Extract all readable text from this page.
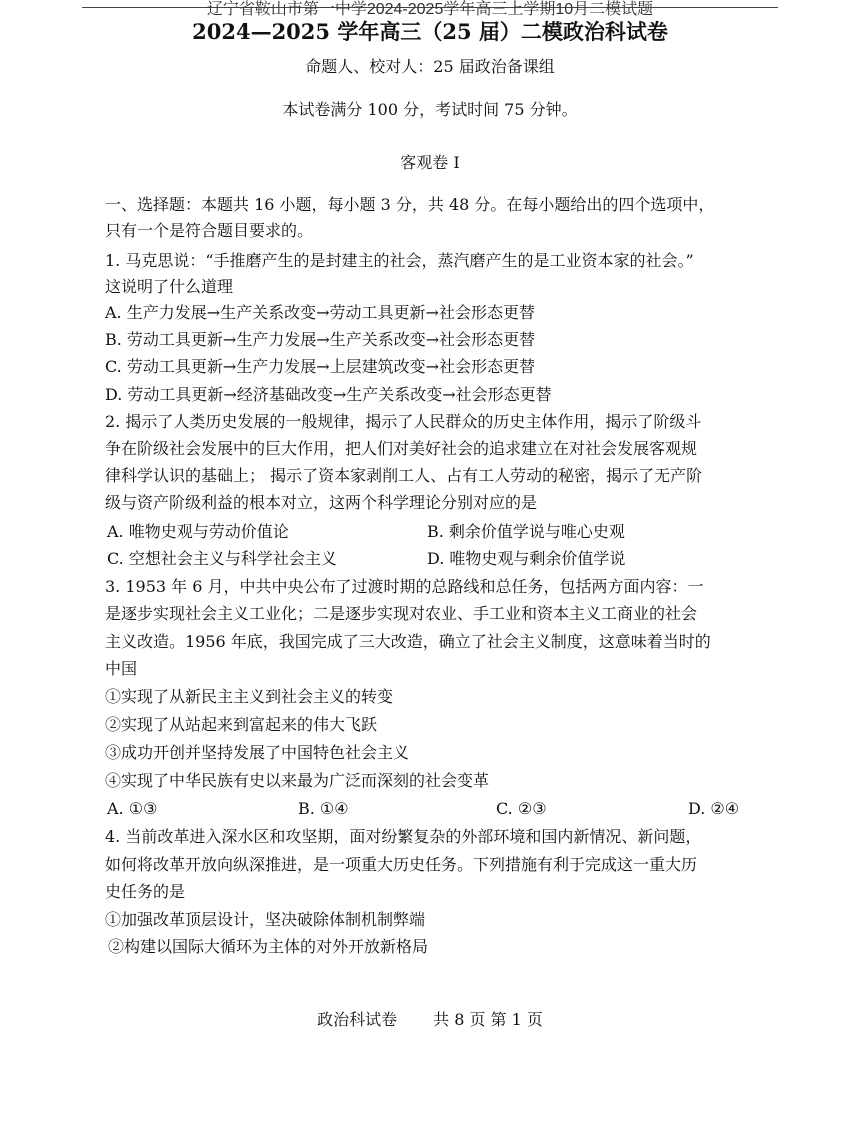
辽宁省鞍山市第一中学2024-2025学年高三上学期10月二模试题
2024—2025 学年高三（25 届）二模政治科试卷
命题人、校对人：25 届政治备课组
本试卷满分 100 分，考试时间 75 分钟。
客观卷 I
一、选择题：本题共 16 小题，每小题 3 分，共 48 分。在每小题给出的四个选项中，
只有一个是符合题目要求的。
1. 马克思说：“手推磨产生的是封建主的社会，蒸汽磨产生的是工业资本家的社会。”
这说明了什么道理
A. 生产力发展→生产关系改变→劳动工具更新→社会形态更替
B. 劳动工具更新→生产力发展→生产关系改变→社会形态更替
C. 劳动工具更新→生产力发展→上层建筑改变→社会形态更替
D. 劳动工具更新→经济基础改变→生产关系改变→社会形态更替
2. 揭示了人类历史发展的一般规律，揭示了人民群众的历史主体作用，揭示了阶级斗
争在阶级社会发展中的巨大作用，把人们对美好社会的追求建立在对社会发展客观规
律科学认识的基础上； 揭示了资本家剥削工人、占有工人劳动的秘密，揭示了无产阶
级与资产阶级利益的根本对立，这两个科学理论分别对应的是
A. 唯物史观与劳动价值论	B. 剩余价值学说与唯心史观
C. 空想社会主义与科学社会主义	D. 唯物史观与剩余价值学说
3. 1953 年 6 月，中共中央公布了过渡时期的总路线和总任务，包括两方面内容：一
是逐步实现社会主义工业化；二是逐步实现对农业、手工业和资本主义工商业的社会
主义改造。1956 年底，我国完成了三大改造，确立了社会主义制度，这意味着当时的
中国
①实现了从新民主主义到社会主义的转变
②实现了从站起来到富起来的伟大飞跃
③成功开创并坚持发展了中国特色社会主义
④实现了中华民族有史以来最为广泛而深刻的社会变革
A. ①③	B. ①④	C. ②③	D. ②④
4. 当前改革进入深水区和攻坚期，面对纷繁复杂的外部环境和国内新情况、新问题，
如何将改革开放向纵深推进，是一项重大历史任务。下列措施有利于完成这一重大历
史任务的是
①加强改革顶层设计，坚决破除体制机制弊端
②构建以国际大循环为主体的对外开放新格局
政治科试卷 共 8 页 第 1 页
